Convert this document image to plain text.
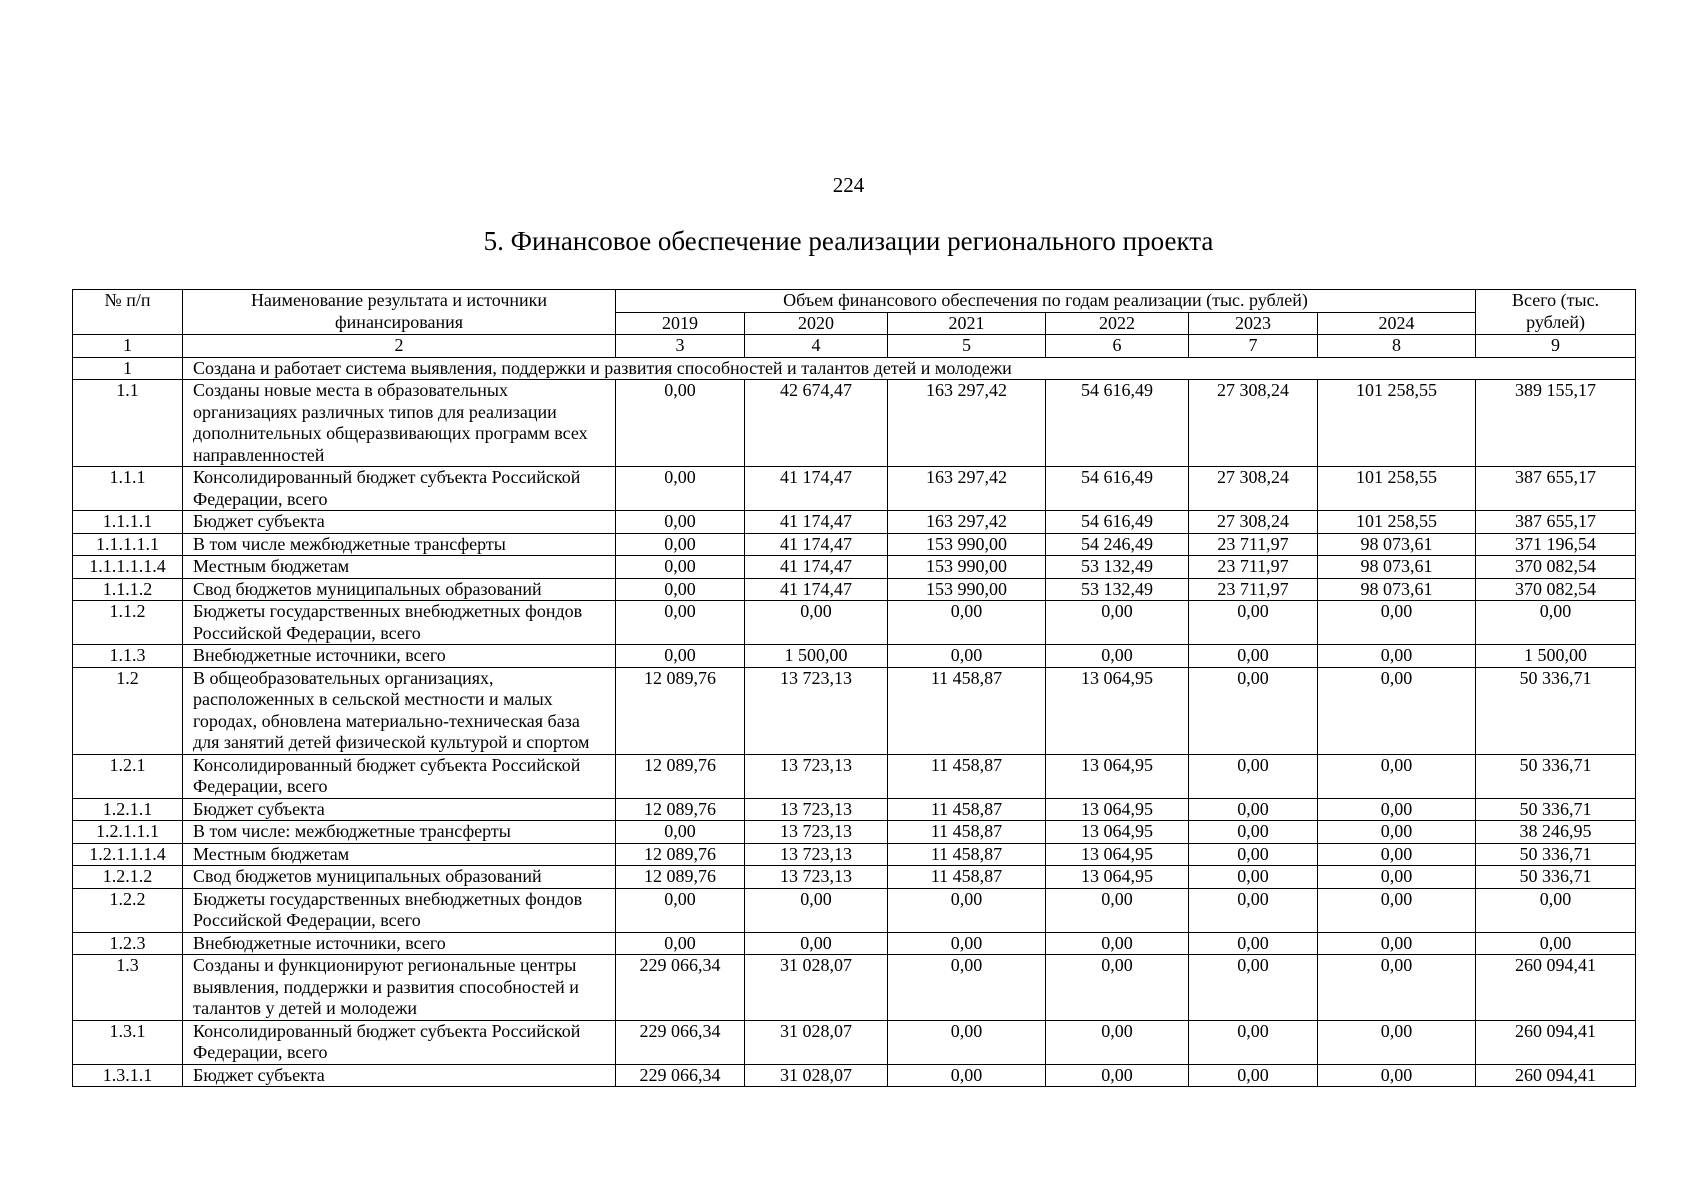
224
5. Финансовое обеспечение реализации регионального проекта
№ п/п	Наименование результата и источники финансирования	Объем финансового обеспечения по годам реализации (тыс. рублей)						Всего (тыс. рублей)
		2019	2020	2021	2022	2023	2024	
1	2	3	4	5	6	7	8	9
1	Создана и работает система выявления, поддержки и развития способностей и талантов детей и молодежи							
1.1	Созданы новые места в образовательных организациях различных типов для реализации дополнительных общеразвивающих программ всех направленностей	0,00	42 674,47	163 297,42	54 616,49	27 308,24	101 258,55	389 155,17
1.1.1	Консолидированный бюджет субъекта Российской Федерации, всего	0,00	41 174,47	163 297,42	54 616,49	27 308,24	101 258,55	387 655,17
1.1.1.1	Бюджет субъекта	0,00	41 174,47	163 297,42	54 616,49	27 308,24	101 258,55	387 655,17
1.1.1.1.1	В том числе межбюджетные трансферты	0,00	41 174,47	153 990,00	54 246,49	23 711,97	98 073,61	371 196,54
1.1.1.1.1.4	Местным бюджетам	0,00	41 174,47	153 990,00	53 132,49	23 711,97	98 073,61	370 082,54
1.1.1.2	Свод бюджетов муниципальных образований	0,00	41 174,47	153 990,00	53 132,49	23 711,97	98 073,61	370 082,54
1.1.2	Бюджеты государственных внебюджетных фондов Российской Федерации, всего	0,00	0,00	0,00	0,00	0,00	0,00	0,00
1.1.3	Внебюджетные источники, всего	0,00	1 500,00	0,00	0,00	0,00	0,00	1 500,00
1.2	В общеобразовательных организациях, расположенных в сельской местности и малых городах, обновлена материально-техническая база для занятий детей физической культурой и спортом	12 089,76	13 723,13	11 458,87	13 064,95	0,00	0,00	50 336,71
1.2.1	Консолидированный бюджет субъекта Российской Федерации, всего	12 089,76	13 723,13	11 458,87	13 064,95	0,00	0,00	50 336,71
1.2.1.1	Бюджет субъекта	12 089,76	13 723,13	11 458,87	13 064,95	0,00	0,00	50 336,71
1.2.1.1.1	В том числе: межбюджетные трансферты	0,00	13 723,13	11 458,87	13 064,95	0,00	0,00	38 246,95
1.2.1.1.1.4	Местным бюджетам	12 089,76	13 723,13	11 458,87	13 064,95	0,00	0,00	50 336,71
1.2.1.2	Свод бюджетов муниципальных образований	12 089,76	13 723,13	11 458,87	13 064,95	0,00	0,00	50 336,71
1.2.2	Бюджеты государственных внебюджетных фондов Российской Федерации, всего	0,00	0,00	0,00	0,00	0,00	0,00	0,00
1.2.3	Внебюджетные источники, всего	0,00	0,00	0,00	0,00	0,00	0,00	0,00
1.3	Созданы и функционируют региональные центры выявления, поддержки и развития способностей и талантов у детей и молодежи	229 066,34	31 028,07	0,00	0,00	0,00	0,00	260 094,41
1.3.1	Консолидированный бюджет субъекта Российской Федерации, всего	229 066,34	31 028,07	0,00	0,00	0,00	0,00	260 094,41
1.3.1.1	Бюджет субъекта	229 066,34	31 028,07	0,00	0,00	0,00	0,00	260 094,41
